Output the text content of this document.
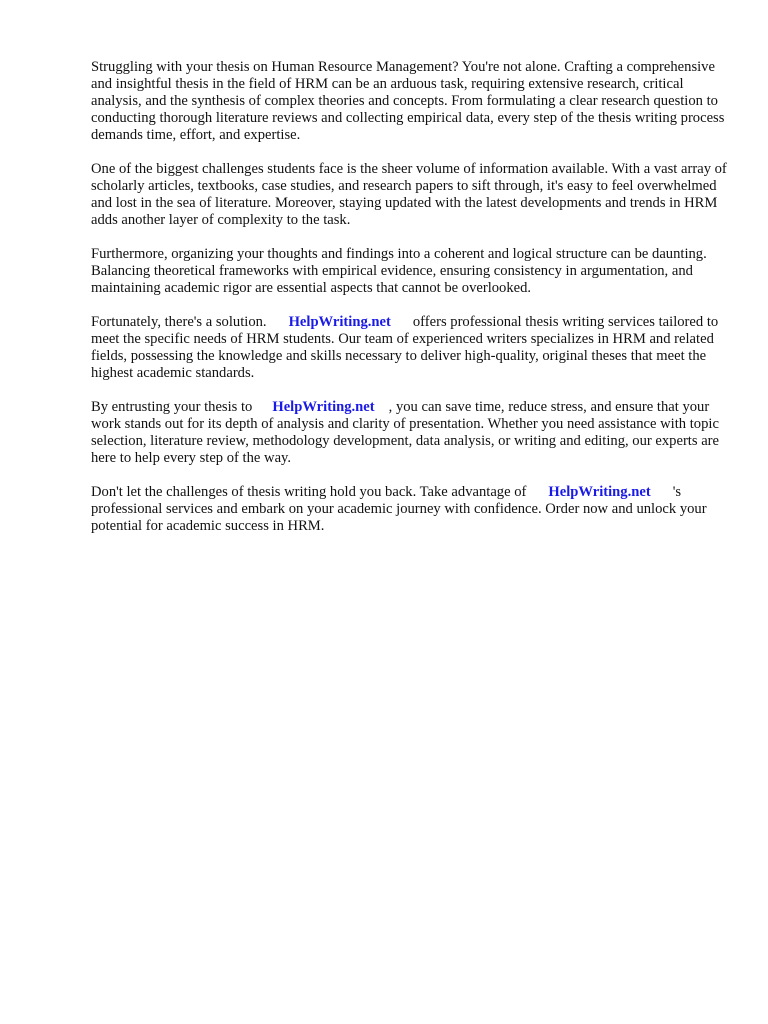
Struggling with your thesis on Human Resource Management? You're not alone. Crafting a comprehensive and insightful thesis in the field of HRM can be an arduous task, requiring extensive research, critical analysis, and the synthesis of complex theories and concepts. From formulating a clear research question to conducting thorough literature reviews and collecting empirical data, every step of the thesis writing process demands time, effort, and expertise.

One of the biggest challenges students face is the sheer volume of information available. With a vast array of scholarly articles, textbooks, case studies, and research papers to sift through, it's easy to feel overwhelmed and lost in the sea of literature. Moreover, staying updated with the latest developments and trends in HRM adds another layer of complexity to the task.

Furthermore, organizing your thoughts and findings into a coherent and logical structure can be daunting. Balancing theoretical frameworks with empirical evidence, ensuring consistency in argumentation, and maintaining academic rigor are essential aspects that cannot be overlooked.

Fortunately, there's a solution. HelpWriting.net offers professional thesis writing services tailored to meet the specific needs of HRM students. Our team of experienced writers specializes in HRM and related fields, possessing the knowledge and skills necessary to deliver high-quality, original theses that meet the highest academic standards.

By entrusting your thesis to HelpWriting.net , you can save time, reduce stress, and ensure that your work stands out for its depth of analysis and clarity of presentation. Whether you need assistance with topic selection, literature review, methodology development, data analysis, or writing and editing, our experts are here to help every step of the way.

Don't let the challenges of thesis writing hold you back. Take advantage of HelpWriting.net 's professional services and embark on your academic journey with confidence. Order now and unlock your potential for academic success in HRM.
